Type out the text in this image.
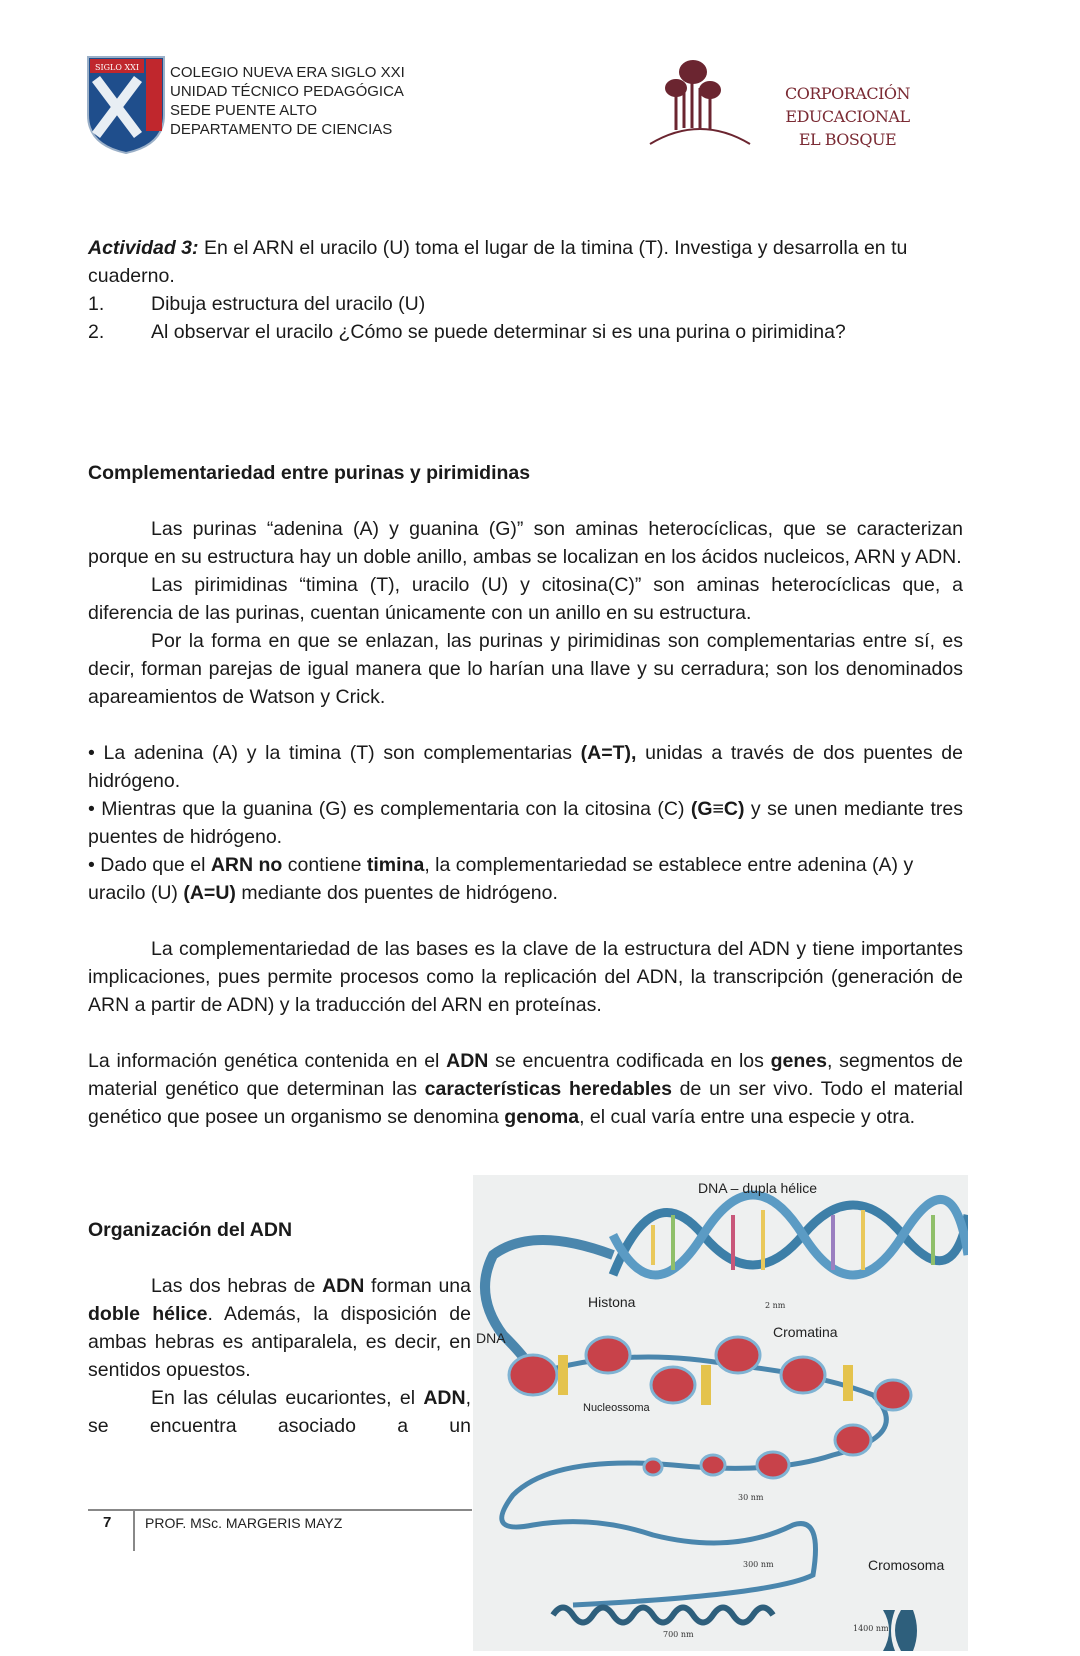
SIGLO XXI COLEGIO NUEVA ERA SIGLO XXI
UNIDAD TÉCNICO PEDAGÓGICA
SEDE PUENTE ALTO
DEPARTAMENTO DE CIENCIAS
CORPORACIÓN EDUCACIONAL
EL BOSQUE
Actividad 3: En el ARN el uracilo (U) toma el lugar de la timina (T). Investiga y desarrolla en tu cuaderno.
1.	Dibuja estructura del uracilo (U)
2.	Al observar el uracilo ¿Cómo se puede determinar si es una purina o pirimidina?
Complementariedad entre purinas y pirimidinas
Las purinas “adenina (A) y guanina (G)” son aminas heterocíclicas, que se caracterizan porque en su estructura hay un doble anillo, ambas se localizan en los ácidos nucleicos, ARN y ADN.
Las pirimidinas “timina (T), uracilo (U) y citosina(C)” son aminas heterocíclicas que, a diferencia de las purinas, cuentan únicamente con un anillo en su estructura.
Por la forma en que se enlazan, las purinas y pirimidinas son complementarias entre sí, es decir, forman parejas de igual manera que lo harían una llave y su cerradura; son los denominados apareamientos de Watson y Crick.
• La adenina (A) y la timina (T) son complementarias (A=T), unidas a través de dos puentes de hidrógeno.
• Mientras que la guanina (G) es complementaria con la citosina (C) (G≡C) y se unen mediante tres puentes de hidrógeno.
• Dado que el ARN no contiene timina, la complementariedad se establece entre adenina (A) y uracilo (U) (A=U) mediante dos puentes de hidrógeno.
La complementariedad de las bases es la clave de la estructura del ADN y tiene importantes implicaciones, pues permite procesos como la replicación del ADN, la transcripción (generación de ARN a partir de ADN) y la traducción del ARN en proteínas.
La información genética contenida en el ADN se encuentra codificada en los genes, segmentos de material genético que determinan las características heredables de un ser vivo. Todo el material genético que posee un organismo se denomina genoma, el cual varía entre una especie y otra.
Organización del ADN
Las dos hebras de ADN forman una doble hélice. Además, la disposición de ambas hebras es antiparalela, es decir, en sentidos opuestos.
En las células eucariontes, el ADN, se encuentra asociado a un
DNA – dupla hélice
Histona
Cromatina
DNA
Nucleossoma
Cromosoma
2 nm
30 nm
300 nm
700 nm
1400 nm
7 PROF. MSc. MARGERIS MAYZ
